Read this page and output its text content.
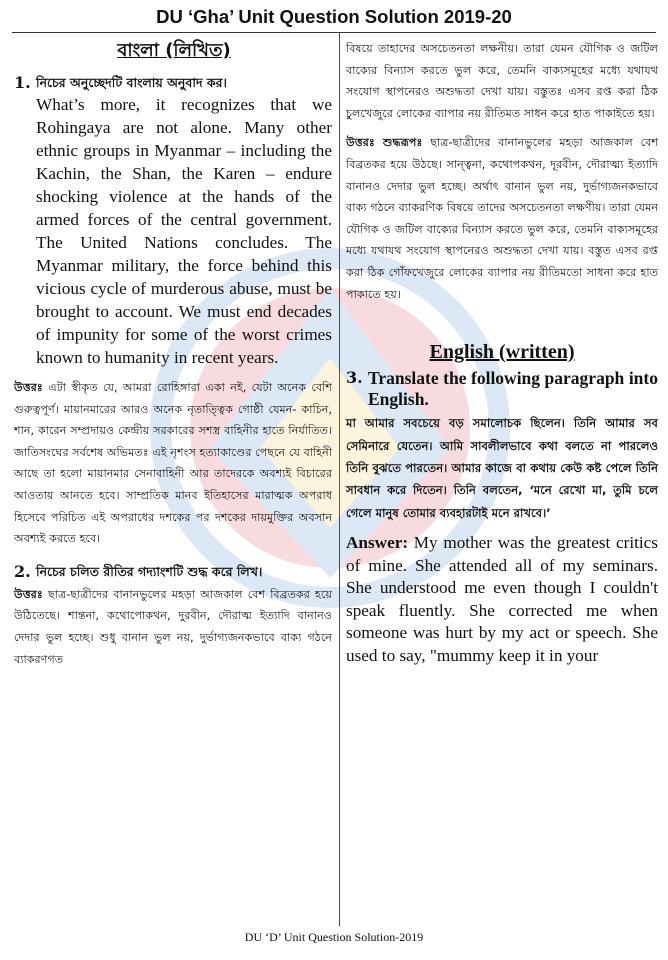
DU ‘Gha’ Unit Question Solution 2019-20
বাংলা (লিখিত)
1. নিচের অনুচ্ছেদটি বাংলায় অনুবাদ কর।

What’s more, it recognizes that we Rohingaya are not alone. Many other ethnic groups in Myanmar – including the Kachin, the Shan, the Karen – endure shocking violence at the hands of the armed forces of the central government. The United Nations concludes. The Myanmar military, the force behind this vicious cycle of murderous abuse, must be brought to account. We must end decades of impunity for some of the worst crimes known to humanity in recent years.

উত্তরঃ এটা স্বীকৃত যে, আমরা রোহিঙ্গারা একা নই, যেটা অনেক বেশি গুরুত্বপূর্ণ। মায়ানমারের আরও অনেক নৃতাত্ত্বিক গোষ্ঠী যেমন- কাচিন, শান, কারেন সম্প্রদায়ও কেন্দ্রীয় সরকারের সশস্ত্র বাহিনীর হাতে নির্যাতিত। জাতিসংঘের সর্বশেষ অভিমতঃ এই নৃশংস হত্যাকাণ্ডের পেছনে যে বাহিনী আছে তা হলো মায়ানমার সেনাবাহিনী আর তাদেরকে অবশ্যই বিচারের আওতায় আনতে হবে। সাম্প্রতিক মানব ইতিহাসের মারাত্মক অপরাধ হিসেবে পরিচিত এই অপরাধের দশকের পর দশকের দায়মুক্তির অবসান অবশ্যই করতে হবে।

2. নিচের চলিত রীতির গদ্যাংশটি শুদ্ধ করে লিখ।

উত্তরঃ ছাত্র-ছাত্রীদের বানানভুলের মহড়া আজকাল বেশ বিব্রতকর হয়ে উঠিতেছে। শান্তনা, কথোপোকথন, দুরবীন, দৌরাত্ম ইত্যাদি বানানও দেদার ভুল হচ্ছে। শুধু বানান ভুল নয়, দুর্ভাগ্যজনকভাবে বাক্য গঠনে ব্যাকরণগত

বিষয়ে তাহাদের অসচেতনতা লক্ষনীয়। তারা যেমন যৌগিক ও জটিল বাক্যের বিন্যাস করতে ভুল করে, তেমনি বাক্যসমূহের মধ্যে যথাযথ সংযোগ স্থাপনেরও অশুদ্ধতা দেখা যায়। বস্তুতঃ এসব রপ্ত করা ঠিক চুলখেজুরে লোকের ব্যাপার নয় রীতিমত সাধন করে হাত পাকাইতে হয়।

উত্তরঃ শুদ্ধরূপঃ ছাত্র-ছাত্রীদের বানানভুলের মহড়া আজকাল বেশ বিব্রতকর হয়ে উঠছে। সান্ত্বনা, কথোপকথন, দূরবীন, দৌরাত্ম্য ইত্যাদি বানানও দেদার ভুল হচ্ছে। অর্থাৎ বানান ভুল নয়, দুর্ভাগ্যজনকভাবে বাক্য গঠনে ব্যাকরণিক বিষয়ে তাদের অসচেতনতা লক্ষণীয়। তারা যেমন যৌগিক ও জটিল বাক্যের বিন্যাস করতে ভুল করে, তেমনি বাক্যসমূহের মধ্যে যথাযথ সংযোগ স্থাপনেরও অশুদ্ধতা দেখা যায়। বস্তুত এসব রপ্ত করা ঠিক গোঁফখেজুরে লোকের ব্যাপার নয় রীতিমতো সাধনা করে হাত পাকাতে হয়।

English (written)
3. Translate the following paragraph into English.

মা আমার সবচেয়ে বড় সমালোচক ছিলেন। তিনি আমার সব সেমিনারে যেতেন। আমি সাবলীলভাবে কথা বলতে না পারলেও তিনি বুঝতে পারতেন। আমার কাজে বা কথায় কেউ কষ্ট পেলে তিনি সাবধান করে দিতেন। তিনি বলতেন, ‘মনে রেখো মা, তুমি চলে গেলে মানুষ তোমার ব্যবহারটাই মনে রাখবে।’

Answer: My mother was the greatest critics of mine. She attended all of my seminars. She understood me even though I couldn't speak fluently. She corrected me when someone was hurt by my act or speech. She used to say, "mummy keep it in your

DU ‘D’ Unit Question Solution-2019
